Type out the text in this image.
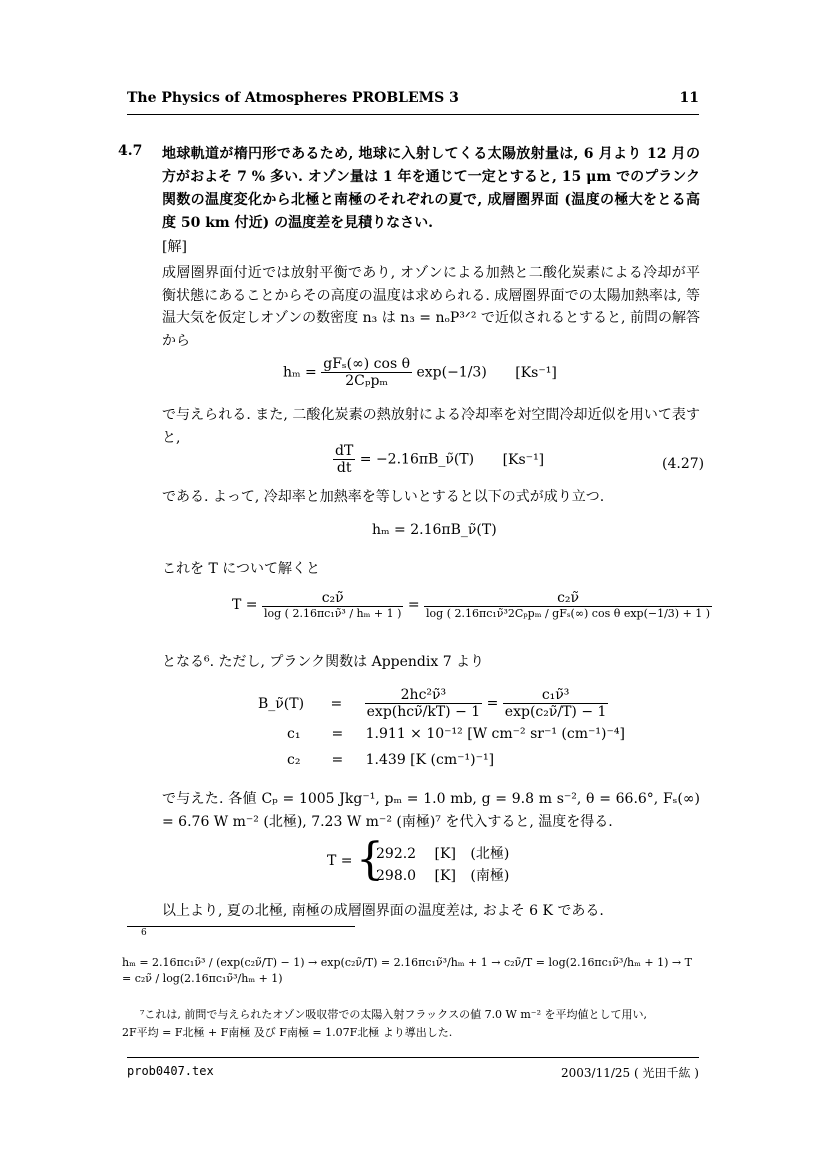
The Physics of Atmospheres PROBLEMS 3	11
4.7 地球軌道が楕円形であるため, 地球に入射してくる太陽放射量は, 6 月より 12 月の方がおよそ 7 % 多い. オゾン量は 1 年を通じて一定とすると, 15 μm でのプランク関数の温度変化から北極と南極のそれぞれの夏で, 成層圏界面 (温度の極大をとる高度 50 km 付近) の温度差を見積りなさい.
[解]
成層圏界面付近では放射平衡であり, オゾンによる加熱と二酸化炭素による冷却が平衡状態にあることからその高度の温度は求められる. 成層圏界面での太陽加熱率は, 等温大気を仮定しオゾンの数密度 n₃ は n₃ = nₒP³ᐟ² で近似されるとすると, 前問の解答から
$h_m = \frac{\text{gFₛ(∞) cos θ}}{\text{2Cₚpₘ}} \exp(-1/3)$ [Ks⁻¹]
で与えられる. また, 二酸化炭素の熱放射による冷却率を対空間冷却近似を用いて表すと,
$\frac{dT}{dt}$ = −2.16πB_ν̃(T) [Ks⁻¹]	(4.27)
である. よって, 冷却率と加熱率を等しいとすると以下の式が成り立つ.
hₘ = 2.16πB_ν̃(T)
これを T について解くと
$T = \frac{\text{c₂ν̃}}{\text{log ( 2.16πc₁ν̃³ / hₘ + 1 )}} = \frac{\text{c₂ν̃}}{\text{log ( 2.16πc₁ν̃³2Cₚpₘ / gFₛ(∞) cos θ exp(−1/3) + 1 )}}$
となる⁶. ただし, プランク関数は Appendix 7 より
B_ν̃(T) = $\frac{\text{2hc²ν̃³}}{\text{exp(hcν̃/kT) − 1}} = \frac{\text{c₁ν̃³}}{\text{exp(c₂ν̃/T) − 1}}$
c₁ = 1.911 × 10⁻¹² [W cm⁻² sr⁻¹ (cm⁻¹)⁻⁴]
c₂ = 1.439 [K (cm⁻¹)⁻¹]
で与えた. 各値 Cₚ = 1005 Jkg⁻¹, pₘ = 1.0 mb, g = 9.8 m s⁻², θ = 66.6°, Fₛ(∞) = 6.76 W m⁻² (北極), 7.23 W m⁻² (南極)⁷ を代入すると, 温度を得る.
T = {
292.2 [K] (北極)
298.0 [K] (南極)
以上より, 夏の北極, 南極の成層圏界面の温度差は, およそ 6 K である.
6
hₘ = 2.16πc₁ν̃³ / (exp(c₂ν̃/T) − 1) → exp(c₂ν̃/T) = 2.16πc₁ν̃³/hₘ + 1 → c₂ν̃/T = log(2.16πc₁ν̃³/hₘ + 1) → T = c₂ν̃ / log(2.16πc₁ν̃³/hₘ + 1)
⁷これは, 前問で与えられたオゾン吸収帯での太陽入射フラックスの値 7.0 W m⁻² を平均値として用い,
2F平均 = F北極 + F南極 及び F南極 = 1.07F北極 より導出した.
prob0407.tex	2003/11/25 ( 光田千紘 )
